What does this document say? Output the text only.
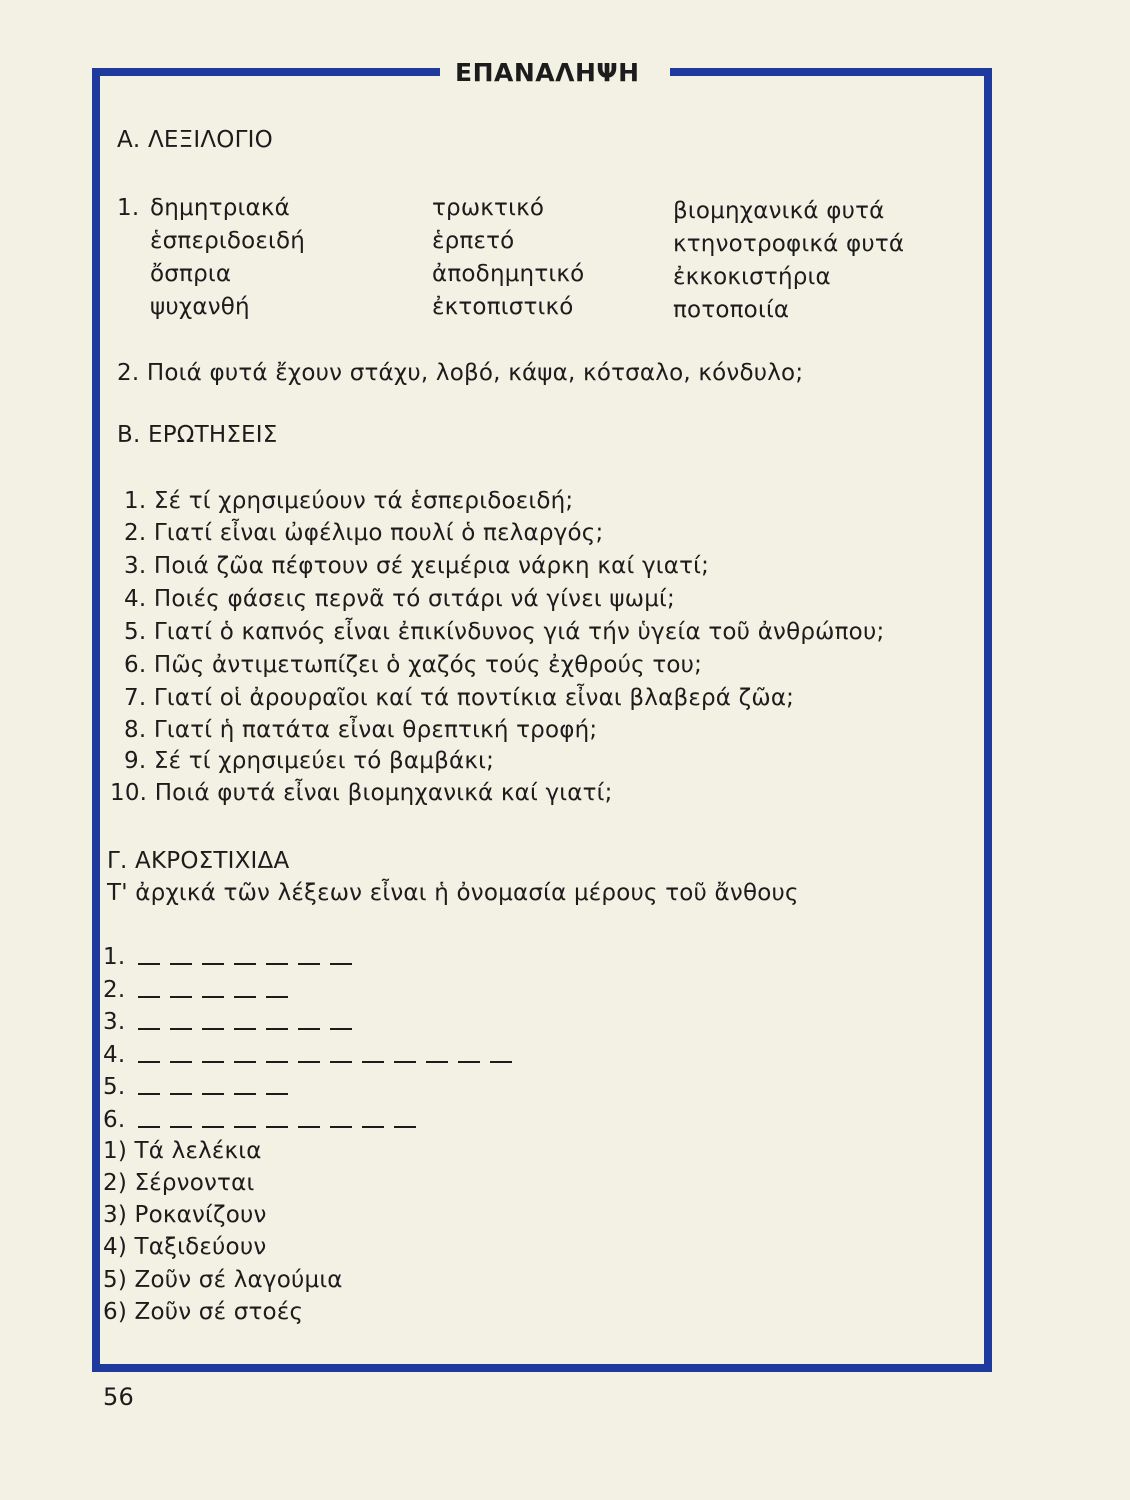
ΕΠΑΝΑΛΗΨΗ
Α. ΛΕΞΙΛΟΓΙΟ
1. δημητριακά
ἑσπεριδοειδή
ὄσπρια
ψυχανθή
τρωκτικό
ἑρπετό
ἀποδημητικό
ἐκτοπιστικό
βιομηχανικά φυτά
κτηνοτροφικά φυτά
ἐκκοκιστήρια
ποτοποιία
2. Ποιά φυτά ἔχουν στάχυ, λοβό, κάψα, κότσαλο, κόνδυλο;
Β. ΕΡΩΤΗΣΕΙΣ
1. Σέ τί χρησιμεύουν τά ἑσπεριδοειδή;
2. Γιατί εἶναι ὠφέλιμο πουλί ὁ πελαργός;
3. Ποιά ζῶα πέφτουν σέ χειμέρια νάρκη καί γιατί;
4. Ποιές φάσεις περνᾶ τό σιτάρι νά γίνει ψωμί;
5. Γιατί ὁ καπνός εἶναι ἐπικίνδυνος γιά τήν ὑγεία τοῦ ἀνθρώπου;
6. Πῶς ἀντιμετωπίζει ὁ χαζός τούς ἐχθρούς του;
7. Γιατί οἱ ἀρουραῖοι καί τά ποντίκια εἶναι βλαβερά ζῶα;
8. Γιατί ἡ πατάτα εἶναι θρεπτική τροφή;
9. Σέ τί χρησιμεύει τό βαμβάκι;
10. Ποιά φυτά εἶναι βιομηχανικά καί γιατί;
Γ. ΑΚΡΟΣΤΙΧΙΔΑ
Τ' ἀρχικά τῶν λέξεων εἶναι ἡ ὀνομασία μέρους τοῦ ἄνθους
1.
2.
3.
4.
5.
6.
1) Τά λελέκια
2) Σέρνονται
3) Ροκανίζουν
4) Ταξιδεύουν
5) Ζοῦν σέ λαγούμια
6) Ζοῦν σέ στοές
56
